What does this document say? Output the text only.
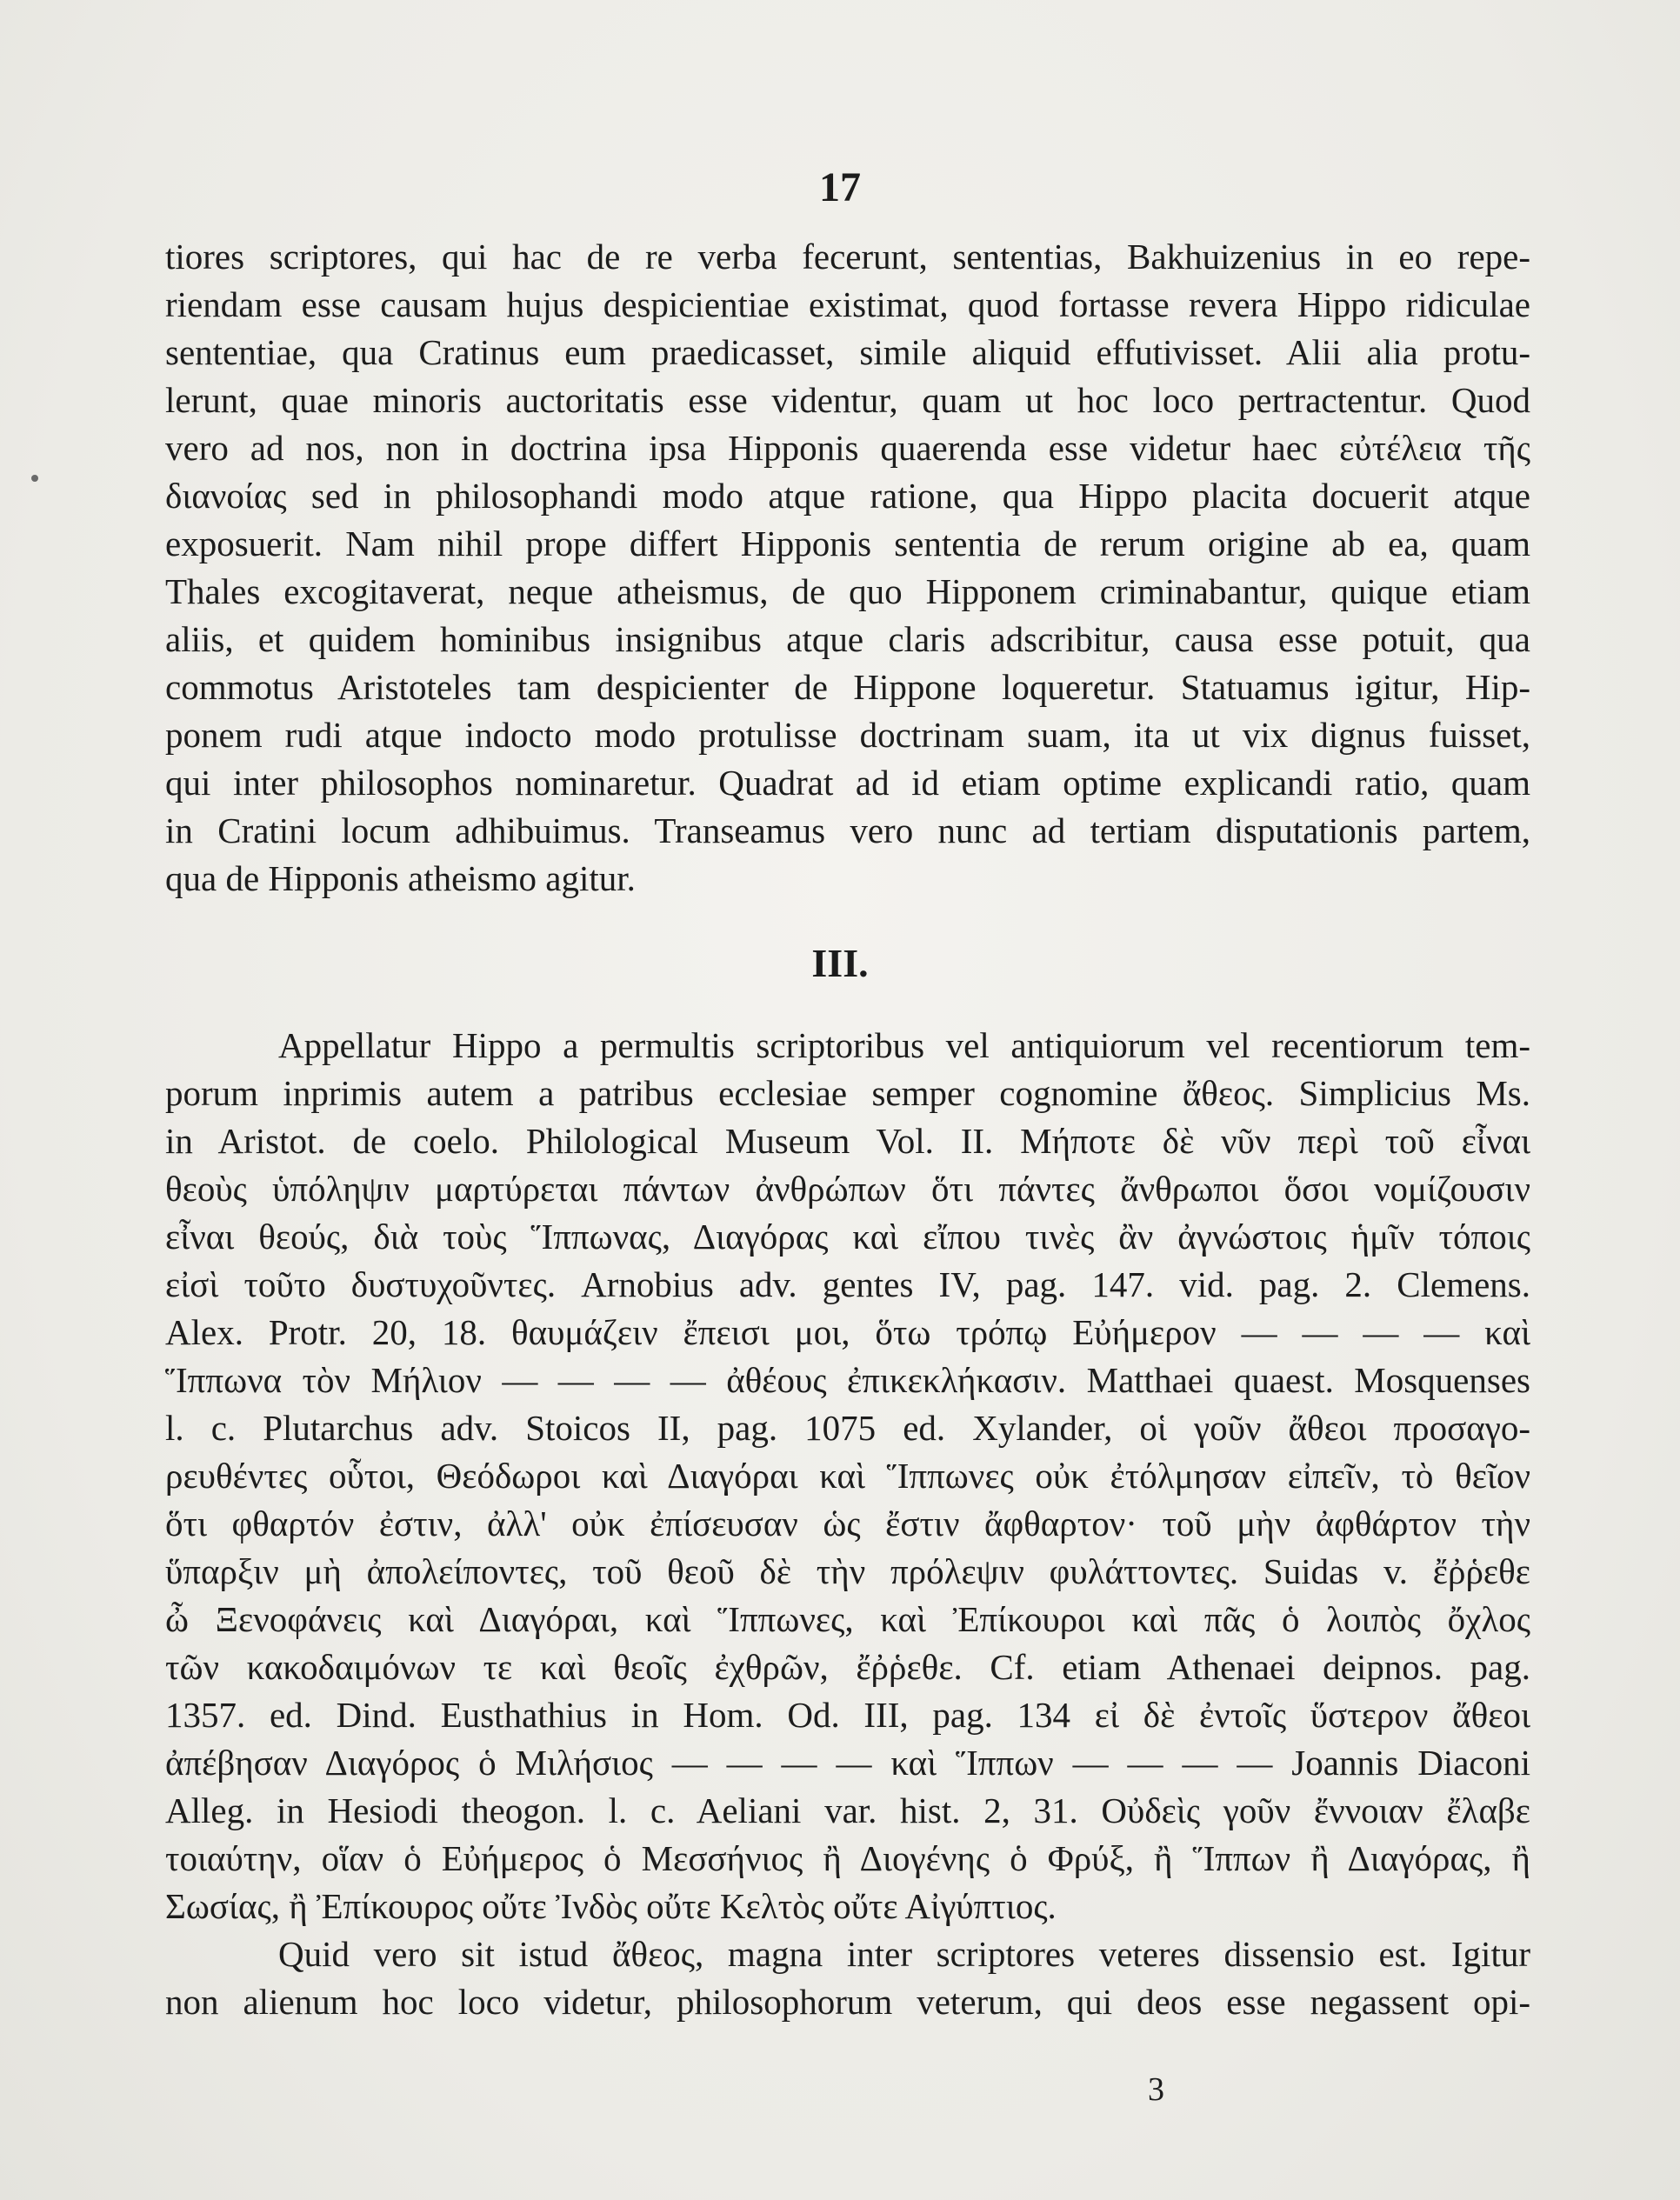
17
tiores scriptores, qui hac de re verba fecerunt, sententias, Bakhuizenius in eo repe-
riendam esse causam hujus despicientiae existimat, quod fortasse revera Hippo ridiculae
sententiae, qua Cratinus eum praedicasset, simile aliquid effutivisset. Alii alia protu-
lerunt, quae minoris auctoritatis esse videntur, quam ut hoc loco pertractentur. Quod
vero ad nos, non in doctrina ipsa Hipponis quaerenda esse videtur haec εὐτέλεια τῆς
διανοίας sed in philosophandi modo atque ratione, qua Hippo placita docuerit atque
exposuerit. Nam nihil prope differt Hipponis sententia de rerum origine ab ea, quam
Thales excogitaverat, neque atheismus, de quo Hipponem criminabantur, quique etiam
aliis, et quidem hominibus insignibus atque claris adscribitur, causa esse potuit, qua
commotus Aristoteles tam despicienter de Hippone loqueretur. Statuamus igitur, Hip-
ponem rudi atque indocto modo protulisse doctrinam suam, ita ut vix dignus fuisset,
qui inter philosophos nominaretur. Quadrat ad id etiam optime explicandi ratio, quam
in Cratini locum adhibuimus. Transeamus vero nunc ad tertiam disputationis partem,
qua de Hipponis atheismo agitur.
III.
Appellatur Hippo a permultis scriptoribus vel antiquiorum vel recentiorum tem-
porum inprimis autem a patribus ecclesiae semper cognomine ἄθεος. Simplicius Ms.
in Aristot. de coelo. Philological Museum Vol. II. Μήποτε δὲ νῦν περὶ τοῦ εἶναι
θεοὺς ὑπόληψιν μαρτύρεται πάντων ἀνθρώπων ὅτι πάντες ἄνθρωποι ὅσοι νομίζουσιν
εἶναι θεούς, διὰ τοὺς Ἵππωνας, Διαγόρας καὶ εἴπου τινὲς ἂν ἀγνώστοις ἡμῖν τόποις
εἰσὶ τοῦτο δυστυχοῦντες. Arnobius adv. gentes IV, pag. 147. vid. pag. 2. Clemens.
Alex. Protr. 20, 18. θαυμάζειν ἔπεισι μοι, ὅτω τρόπῳ Εὐήμερον — — — — καὶ
Ἵππωνα τὸν Μήλιον — — — — ἀθέους ἐπικεκλήκασιν. Matthaei quaest. Mosquenses
l. c. Plutarchus adv. Stoicos II, pag. 1075 ed. Xylander, οἱ γοῦν ἄθεοι προσαγο-
ρευθέντες οὗτοι, Θεόδωροι καὶ Διαγόραι καὶ Ἵππωνες οὐκ ἐτόλμησαν εἰπεῖν, τὸ θεῖον
ὅτι φθαρτόν ἐστιν, ἀλλ' οὐκ ἐπίσευσαν ὡς ἔστιν ἄφθαρτον· τοῦ μὴν ἀφθάρτον τὴν
ὕπαρξιν μὴ ἀπολείποντες, τοῦ θεοῦ δὲ τὴν πρόλεψιν φυλάττοντες. Suidas v. ἔῤῥεθε
ὦ Ξενοφάνεις καὶ Διαγόραι, καὶ Ἵππωνες, καὶ Ἐπίκουροι καὶ πᾶς ὁ λοιπὸς ὄχλος
τῶν κακοδαιμόνων τε καὶ θεοῖς ἐχθρῶν, ἔῤῥεθε. Cf. etiam Athenaei deipnos. pag.
1357. ed. Dind. Eusthathius in Hom. Od. III, pag. 134 εἰ δὲ ἐντοῖς ὕστερον ἄθεοι
ἀπέβησαν Διαγόρος ὁ Μιλήσιος — — — — καὶ Ἵππων — — — — Joannis Diaconi
Alleg. in Hesiodi theogon. l. c. Aeliani var. hist. 2, 31. Οὐδεὶς γοῦν ἔννοιαν ἔλαβε
τοιαύτην, οἵαν ὁ Εὐήμερος ὁ Μεσσήνιος ἢ Διογένης ὁ Φρύξ, ἢ Ἵππων ἢ Διαγόρας, ἢ
Σωσίας, ἢ Ἐπίκουρος οὔτε Ἰνδὸς οὔτε Κελτὸς οὔτε Αἰγύπτιος.
Quid vero sit istud ἄθεος, magna inter scriptores veteres dissensio est. Igitur
non alienum hoc loco videtur, philosophorum veterum, qui deos esse negassent opi-
3
